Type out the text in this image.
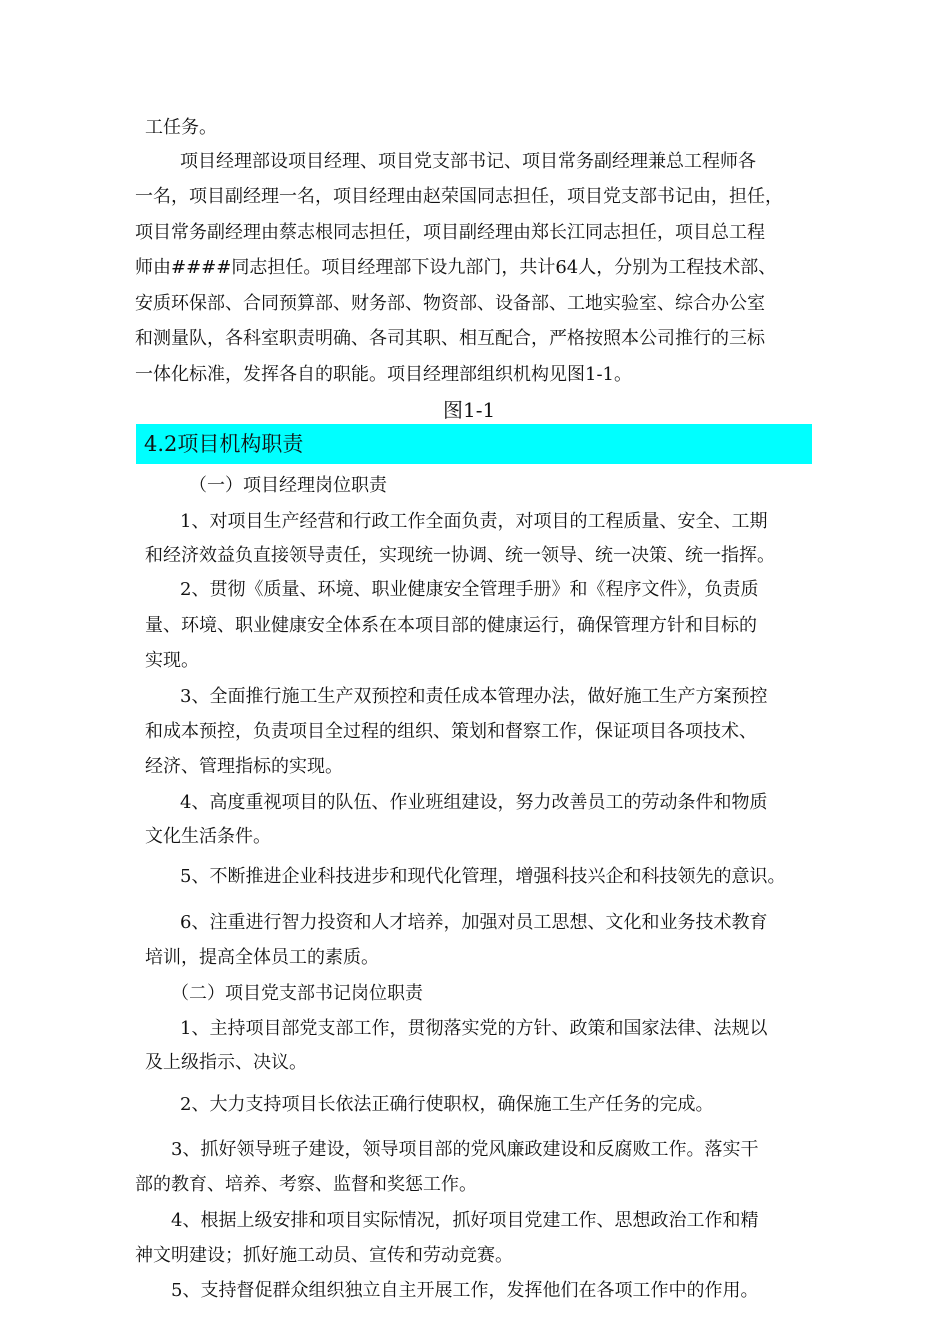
工任务。
项目经理部设项目经理、项目党支部书记、项目常务副经理兼总工程师各
一名，项目副经理一名，项目经理由赵荣国同志担任，项目党支部书记由，担任，
项目常务副经理由蔡志根同志担任，项目副经理由郑长江同志担任，项目总工程
师由####同志担任。项目经理部下设九部门，共计64人，分别为工程技术部、
安质环保部、合同预算部、财务部、物资部、设备部、工地实验室、综合办公室
和测量队，各科室职责明确、各司其职、相互配合，严格按照本公司推行的三标
一体化标准，发挥各自的职能。项目经理部组织机构见图1-1。
图1-1
4.2项目机构职责
（一）项目经理岗位职责
1、对项目生产经营和行政工作全面负责，对项目的工程质量、安全、工期
和经济效益负直接领导责任，实现统一协调、统一领导、统一决策、统一指挥。
2、贯彻《质量、环境、职业健康安全管理手册》和《程序文件》，负责质
量、环境、职业健康安全体系在本项目部的健康运行，确保管理方针和目标的
实现。
3、全面推行施工生产双预控和责任成本管理办法，做好施工生产方案预控
和成本预控，负责项目全过程的组织、策划和督察工作，保证项目各项技术、
经济、管理指标的实现。
4、高度重视项目的队伍、作业班组建设，努力改善员工的劳动条件和物质
文化生活条件。
5、不断推进企业科技进步和现代化管理，增强科技兴企和科技领先的意识。
6、注重进行智力投资和人才培养，加强对员工思想、文化和业务技术教育
培训，提高全体员工的素质。
（二）项目党支部书记岗位职责
1、主持项目部党支部工作，贯彻落实党的方针、政策和国家法律、法规以
及上级指示、决议。
2、大力支持项目长依法正确行使职权，确保施工生产任务的完成。
3、抓好领导班子建设，领导项目部的党风廉政建设和反腐败工作。落实干
部的教育、培养、考察、监督和奖惩工作。
4、根据上级安排和项目实际情况，抓好项目党建工作、思想政治工作和精
神文明建设；抓好施工动员、宣传和劳动竞赛。
5、支持督促群众组织独立自主开展工作，发挥他们在各项工作中的作用。
